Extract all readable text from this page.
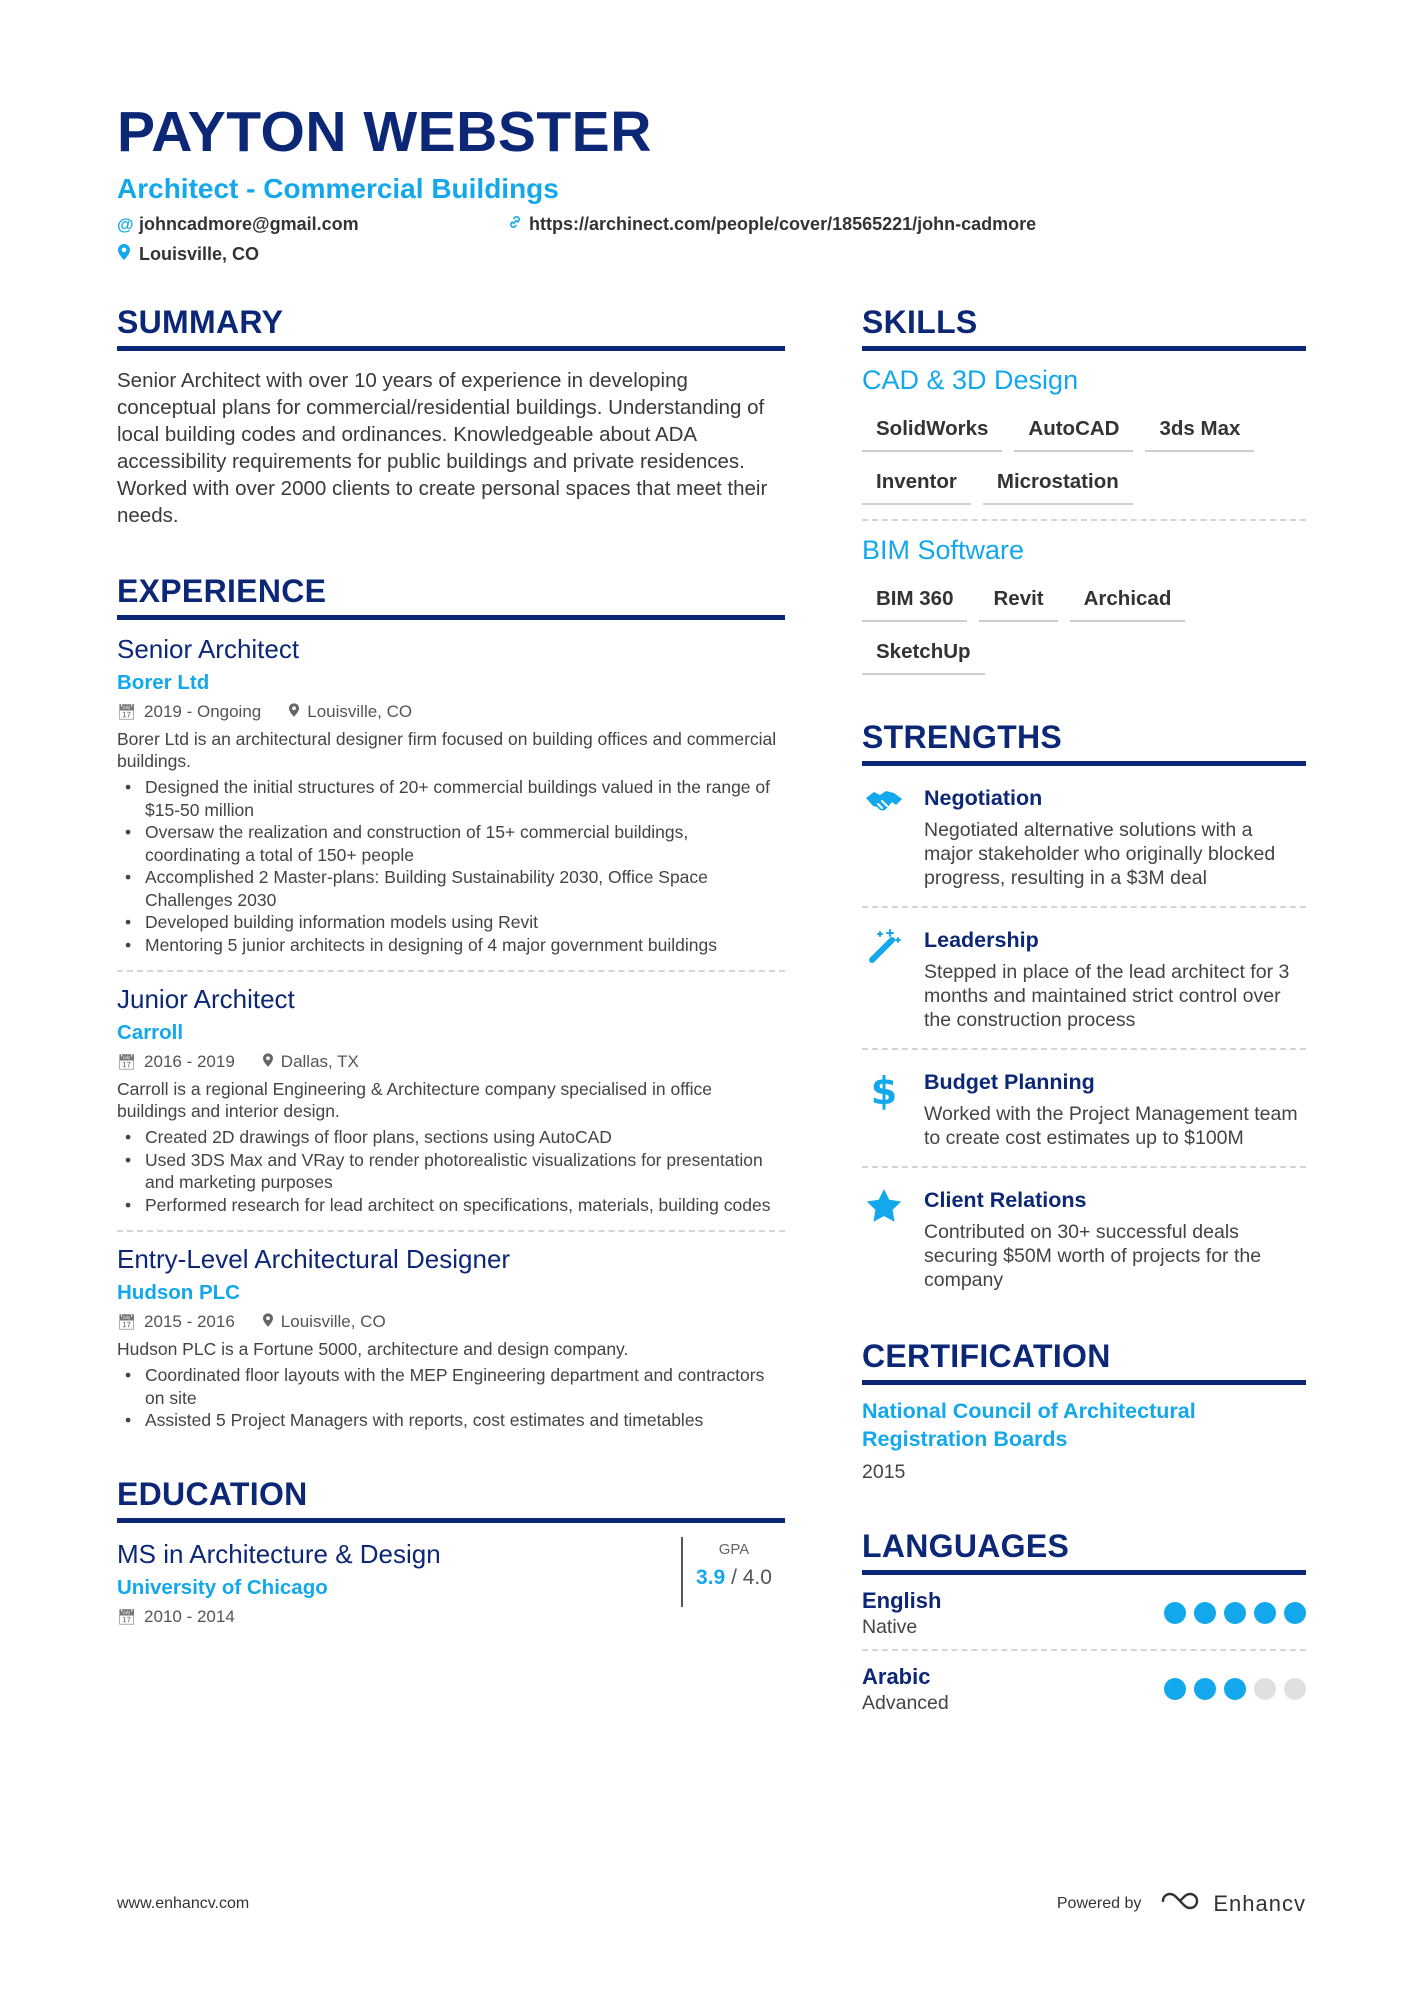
PAYTON WEBSTER
Architect - Commercial Buildings
@ johncadmore@gmail.com	https://archinect.com/people/cover/18565221/john-cadmore
Louisville, CO
SUMMARY
Senior Architect with over 10 years of experience in developing conceptual plans for commercial/residential buildings. Understanding of local building codes and ordinances. Knowledgeable about ADA accessibility requirements for public buildings and private residences. Worked with over 2000 clients to create personal spaces that meet their needs.
EXPERIENCE
Senior Architect
Borer Ltd
📅︎ 2019 - Ongoing	Louisville, CO
Borer Ltd is an architectural designer firm focused on building offices and commercial buildings.
• Designed the initial structures of 20+ commercial buildings valued in the range of $15-50 million
• Oversaw the realization and construction of 15+ commercial buildings, coordinating a total of 150+ people
• Accomplished 2 Master-plans: Building Sustainability 2030, Office Space Challenges 2030
• Developed building information models using Revit
• Mentoring 5 junior architects in designing of 4 major government buildings
Junior Architect
Carroll
📅︎ 2016 - 2019	Dallas, TX
Carroll is a regional Engineering & Architecture company specialised in office buildings and interior design.
• Created 2D drawings of floor plans, sections using AutoCAD
• Used 3DS Max and VRay to render photorealistic visualizations for presentation and marketing purposes
• Performed research for lead architect on specifications, materials, building codes
Entry-Level Architectural Designer
Hudson PLC
📅︎ 2015 - 2016	Louisville, CO
Hudson PLC is a Fortune 5000, architecture and design company.
• Coordinated floor layouts with the MEP Engineering department and contractors on site
• Assisted 5 Project Managers with reports, cost estimates and timetables
EDUCATION
MS in Architecture & Design
University of Chicago
📅︎ 2010 - 2014
GPA
3.9 / 4.0
SKILLS
CAD & 3D Design
SolidWorks	AutoCAD	3ds Max
Inventor	Microstation
BIM Software
BIM 360	Revit	Archicad
SketchUp
STRENGTHS
Negotiation
Negotiated alternative solutions with a major stakeholder who originally blocked progress, resulting in a $3M deal
Leadership
Stepped in place of the lead architect for 3 months and maintained strict control over the construction process
$ Budget Planning
Worked with the Project Management team to create cost estimates up to $100M
Client Relations
Contributed on 30+ successful deals securing $50M worth of projects for the company
CERTIFICATION
National Council of Architectural Registration Boards
2015
LANGUAGES
English
Native
Arabic
Advanced
www.enhancv.com	Powered by	Enhancv
